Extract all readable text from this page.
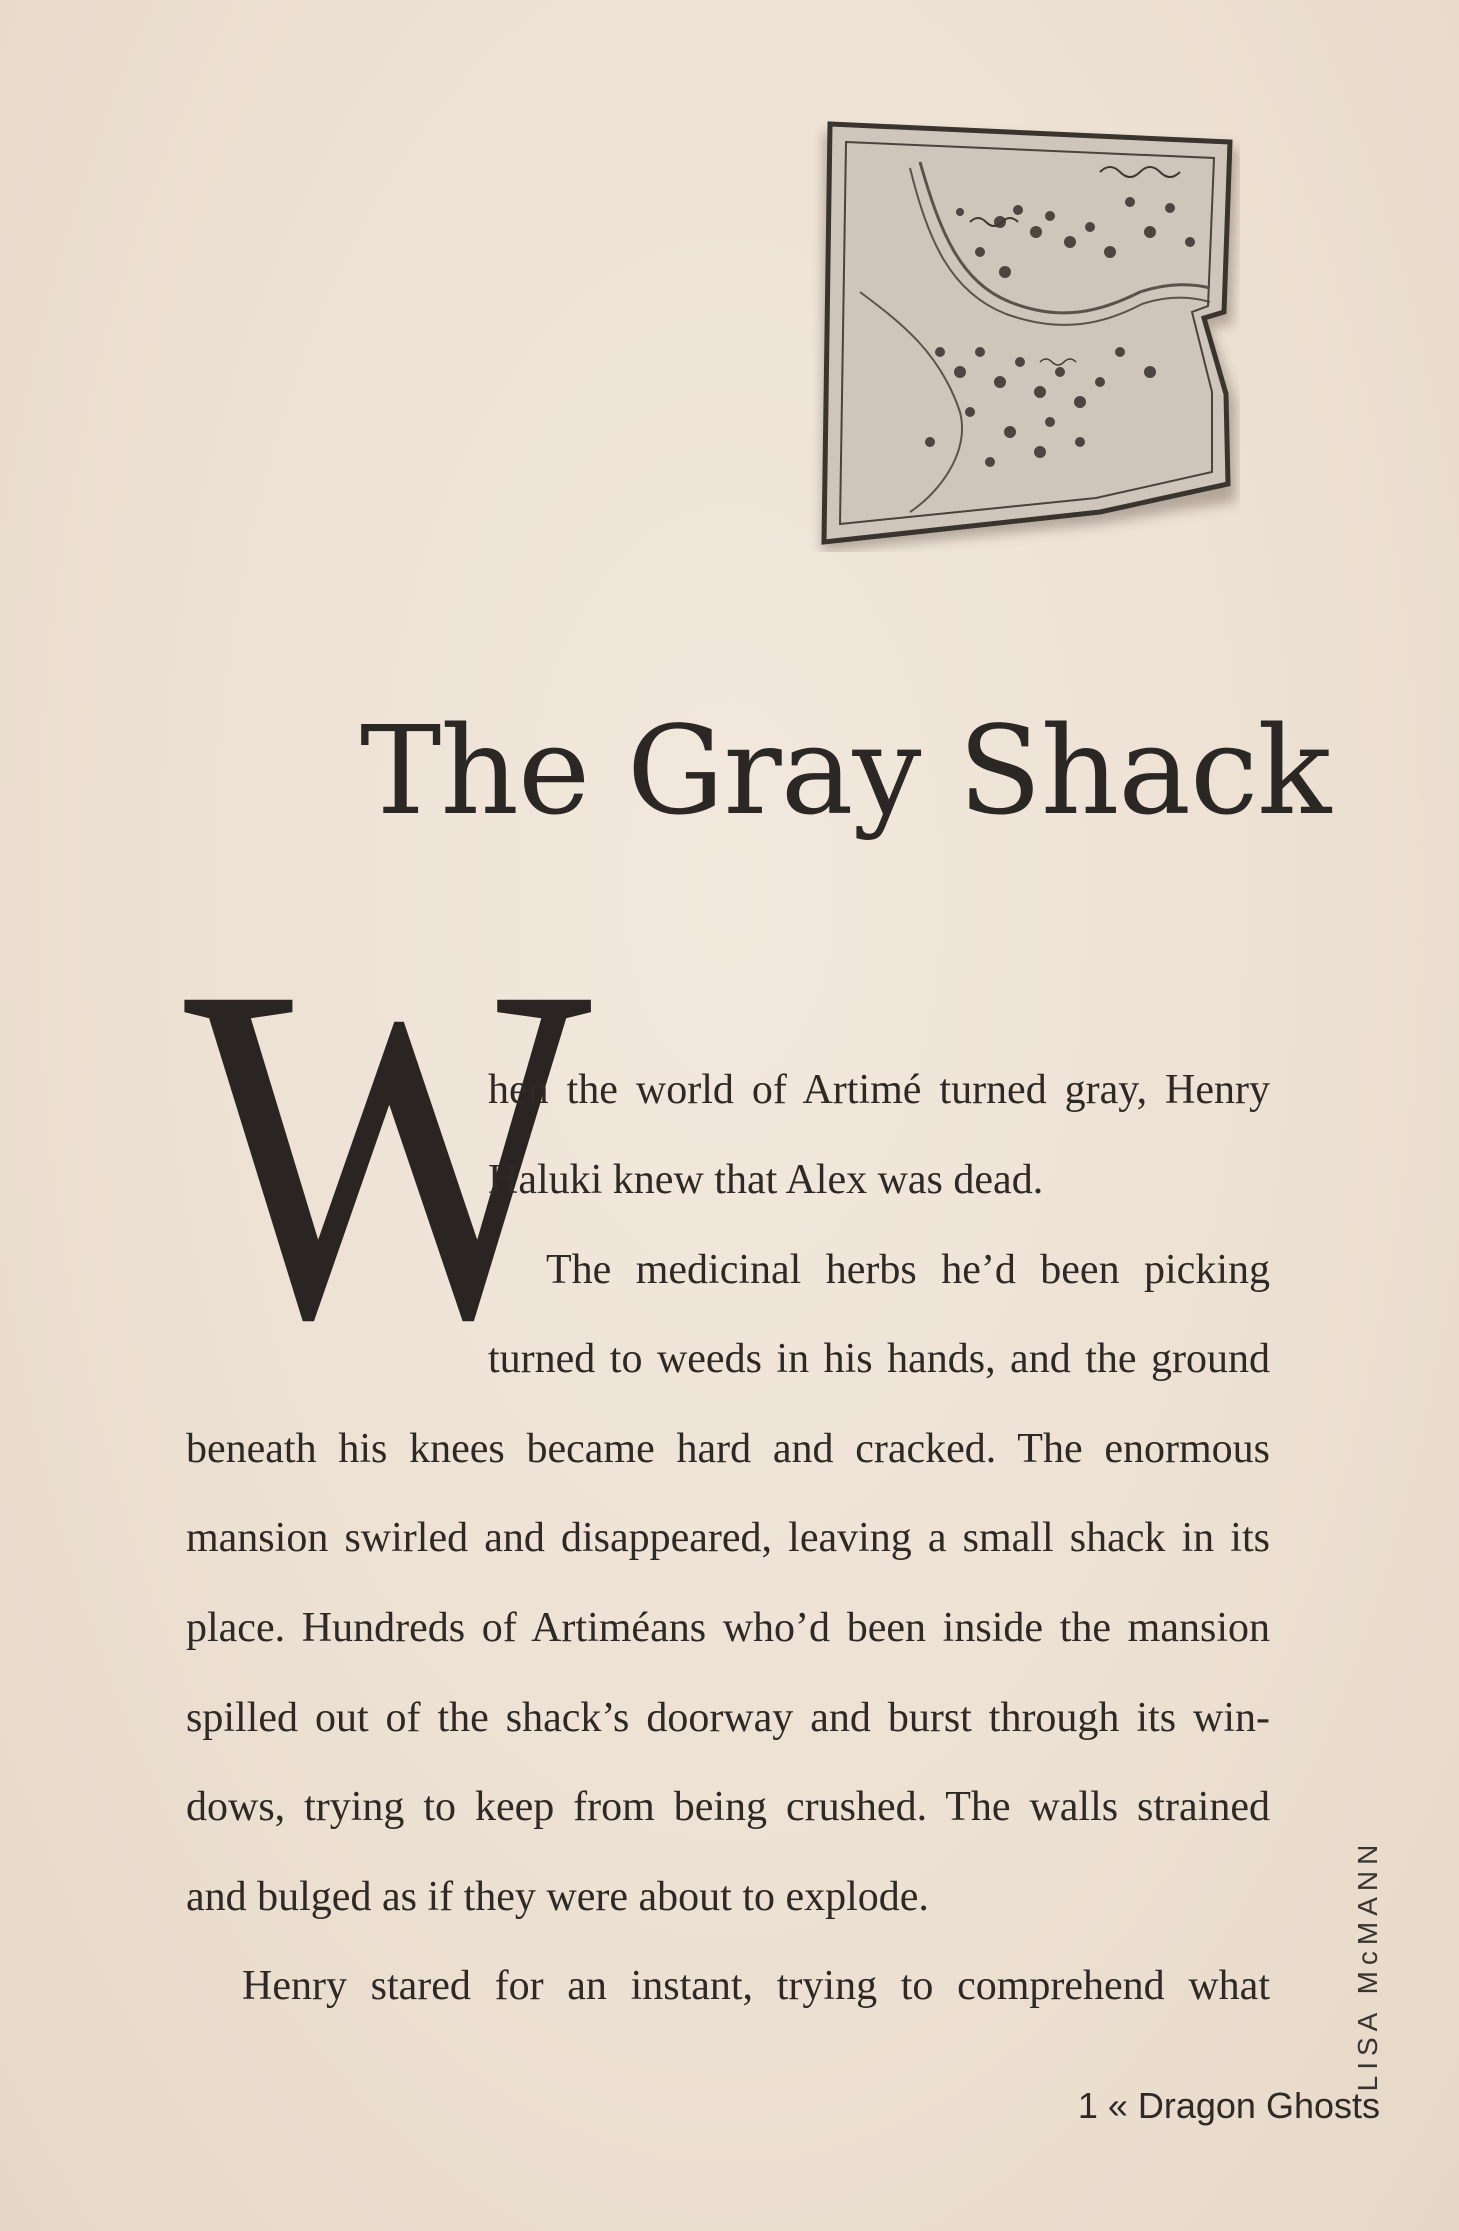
The Gray Shack
W
hen the world of Artimé turned gray, Henry
Haluki knew that Alex was dead.
The medicinal herbs he’d been picking
turned to weeds in his hands, and the ground
beneath his knees became hard and cracked. The enormous
mansion swirled and disappeared, leaving a small shack in its
place. Hundreds of Artiméans who’d been inside the mansion
spilled out of the shack’s doorway and burst through its win-
dows, trying to keep from being crushed. The walls strained
and bulged as if they were about to explode.
Henry stared for an instant, trying to comprehend what	LISA McMANN
1 « Dragon Ghosts
